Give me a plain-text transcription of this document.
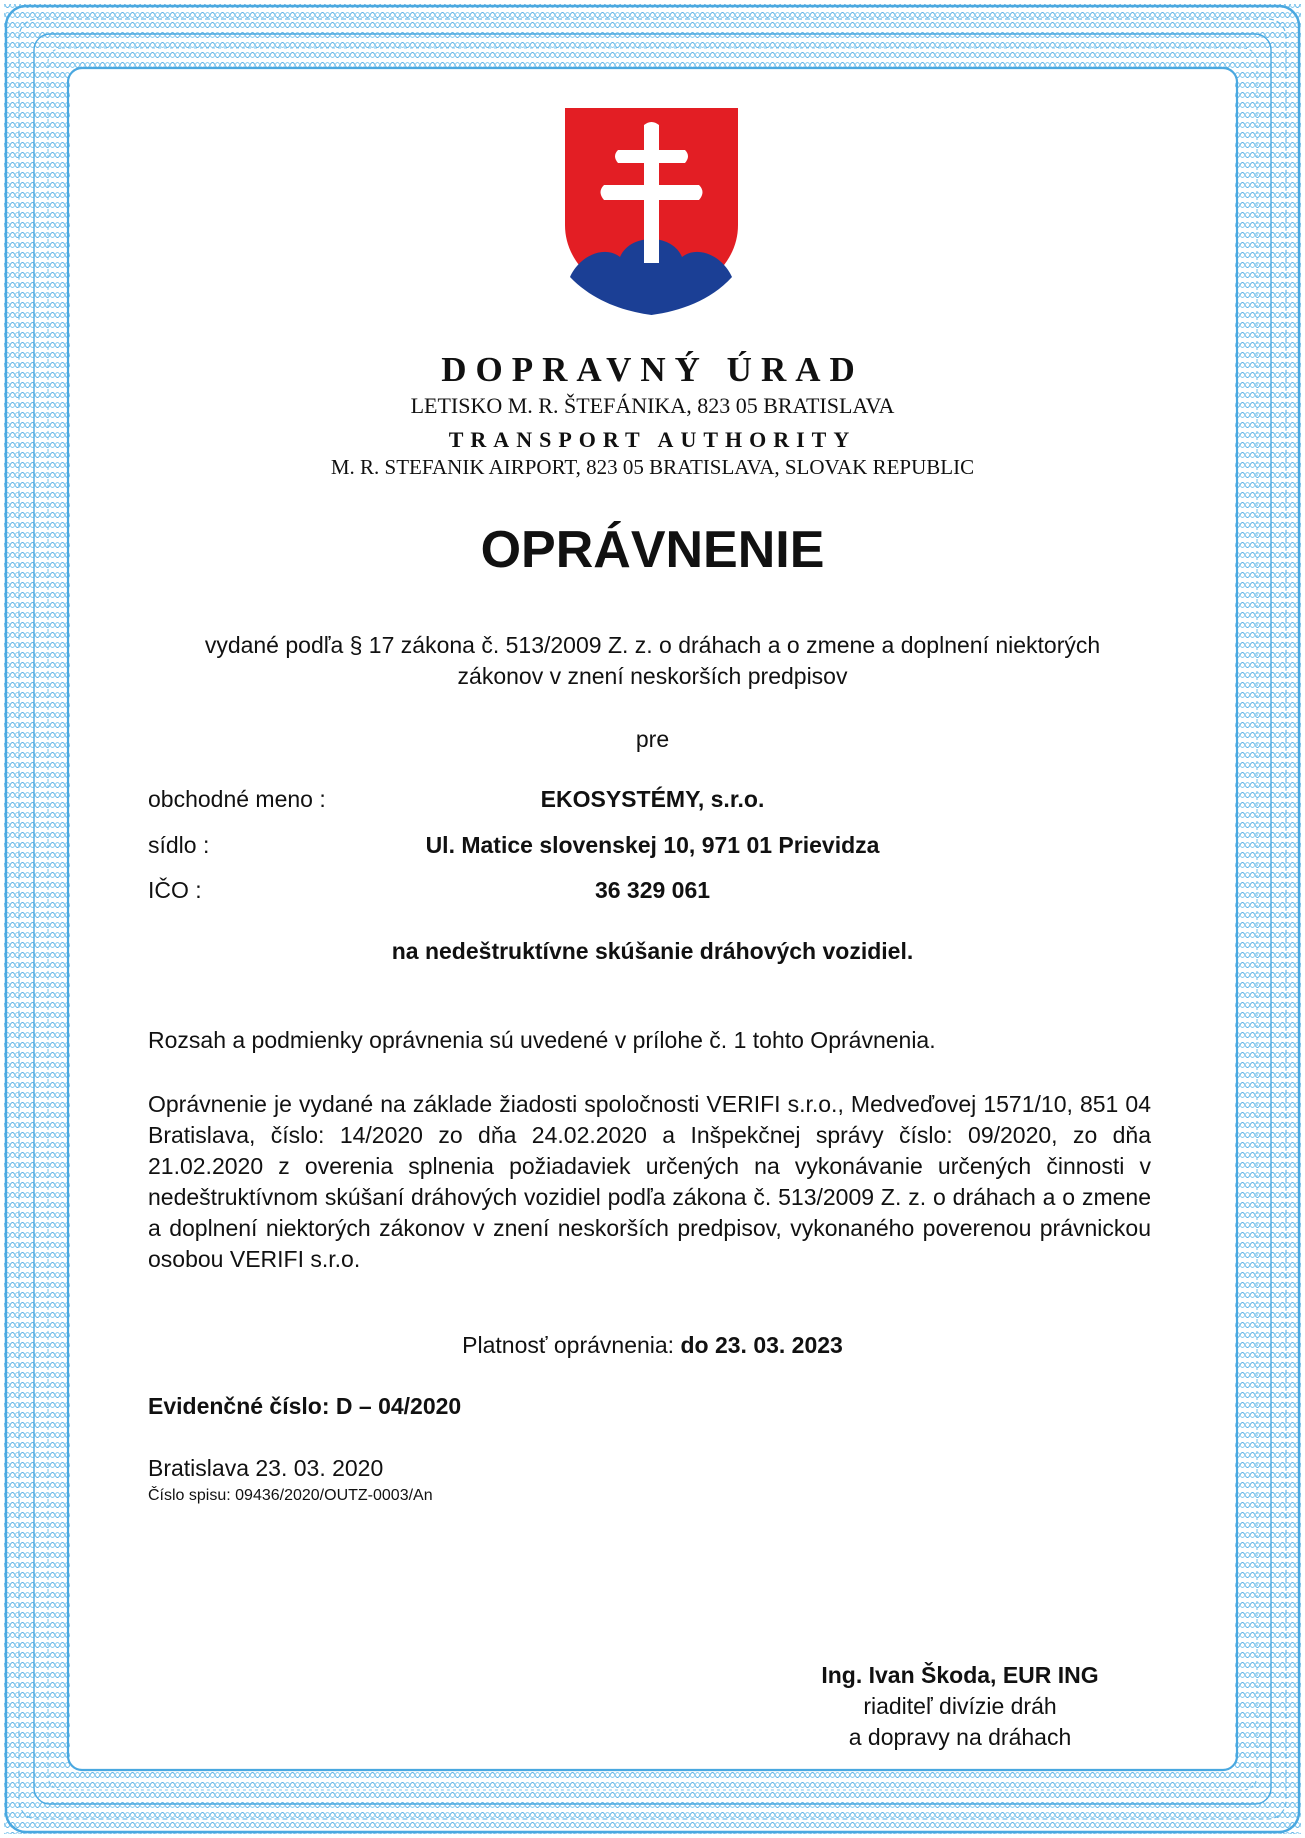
DOPRAVNÝ ÚRAD
LETISKO M. R. ŠTEFÁNIKA, 823 05 BRATISLAVA
TRANSPORT AUTHORITY
M. R. STEFANIK AIRPORT, 823 05 BRATISLAVA, SLOVAK REPUBLIC
OPRÁVNENIE
vydané podľa § 17 zákona č. 513/2009 Z. z. o dráhach a o zmene a doplnení niektorých
zákonov v znení neskorších predpisov
pre
obchodné meno :	EKOSYSTÉMY, s.r.o.
sídlo :	Ul. Matice slovenskej 10, 971 01 Prievidza
IČO :	36 329 061
na nedeštruktívne skúšanie dráhových vozidiel.
Rozsah a podmienky oprávnenia sú uvedené v prílohe č. 1 tohto Oprávnenia.
Oprávnenie je vydané na základe žiadosti spoločnosti VERIFI s.r.o., Medveďovej 1571/10, 851 04 Bratislava, číslo: 14/2020 zo dňa 24.02.2020 a Inšpekčnej správy číslo: 09/2020, zo dňa 21.02.2020 z overenia splnenia požiadaviek určených na vykonávanie určených činnosti v nedeštruktívnom skúšaní dráhových vozidiel podľa zákona č. 513/2009 Z. z. o dráhach a o zmene a doplnení niektorých zákonov v znení neskorších predpisov, vykonaného poverenou právnickou osobou VERIFI s.r.o.
Platnosť oprávnenia: do 23. 03. 2023
Evidenčné číslo: D – 04/2020
Bratislava 23. 03. 2020
Číslo spisu: 09436/2020/OUTZ-0003/An
Ing. Ivan Škoda, EUR ING
riaditeľ divízie dráh
a dopravy na dráhach
